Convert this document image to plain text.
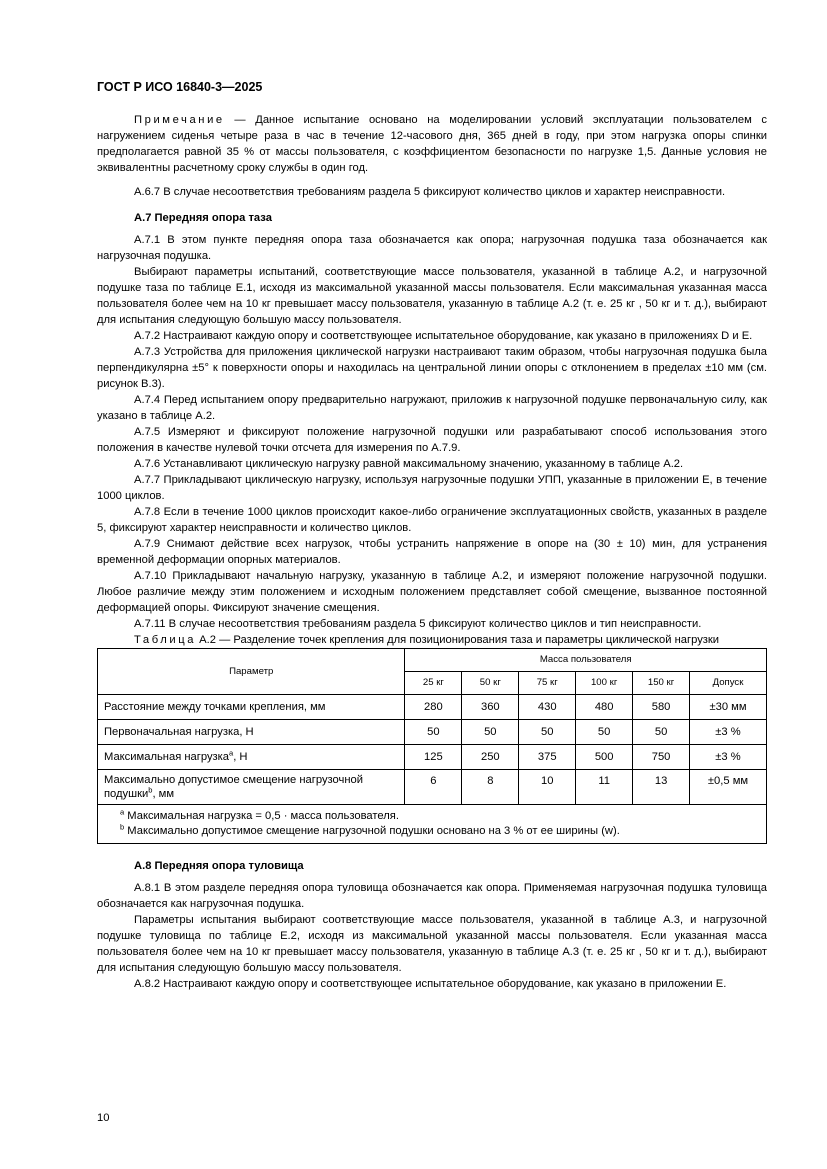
ГОСТ Р ИСО 16840-3—2025

Примечание — Данное испытание основано на моделировании условий эксплуатации пользователем с нагружением сиденья четыре раза в час в течение 12-часового дня, 365 дней в году, при этом нагрузка опоры спинки предполагается равной 35 % от массы пользователя, с коэффициентом безопасности по нагрузке 1,5. Данные условия не эквивалентны расчетному сроку службы в один год.

А.6.7 В случае несоответствия требованиям раздела 5 фиксируют количество циклов и характер неисправности.

А.7 Передняя опора таза

А.7.1 В этом пункте передняя опора таза обозначается как опора; нагрузочная подушка таза обозначается как нагрузочная подушка.

Выбирают параметры испытаний, соответствующие массе пользователя, указанной в таблице А.2, и нагрузочной подушке таза по таблице Е.1, исходя из максимальной указанной массы пользователя. Если максимальная указанная масса пользователя более чем на 10 кг превышает массу пользователя, указанную в таблице А.2 (т. е. 25 кг , 50 кг и т. д.), выбирают для испытания следующую большую массу пользователя.

А.7.2 Настраивают каждую опору и соответствующее испытательное оборудование, как указано в приложениях D и E.

А.7.3 Устройства для приложения циклической нагрузки настраивают таким образом, чтобы нагрузочная подушка была перпендикулярна ±5° к поверхности опоры и находилась на центральной линии опоры с отклонением в пределах ±10 мм (см. рисунок В.3).

А.7.4 Перед испытанием опору предварительно нагружают, приложив к нагрузочной подушке первоначальную силу, как указано в таблице А.2.

А.7.5 Измеряют и фиксируют положение нагрузочной подушки или разрабатывают способ использования этого положения в качестве нулевой точки отсчета для измерения по А.7.9.

А.7.6 Устанавливают циклическую нагрузку равной максимальному значению, указанному в таблице А.2.

А.7.7 Прикладывают циклическую нагрузку, используя нагрузочные подушки УПП, указанные в приложении Е, в течение 1000 циклов.

А.7.8 Если в течение 1000 циклов происходит какое-либо ограничение эксплуатационных свойств, указанных в разделе 5, фиксируют характер неисправности и количество циклов.

А.7.9 Снимают действие всех нагрузок, чтобы устранить напряжение в опоре на (30 ± 10) мин, для устранения временной деформации опорных материалов.

А.7.10 Прикладывают начальную нагрузку, указанную в таблице А.2, и измеряют положение нагрузочной подушки. Любое различие между этим положением и исходным положением представляет собой смещение, вызванное постоянной деформацией опоры. Фиксируют значение смещения.

А.7.11 В случае несоответствия требованиям раздела 5 фиксируют количество циклов и тип неисправности.

Таблица А.2 — Разделение точек крепления для позиционирования таза и параметры циклической нагрузки

Параметр	Масса пользователя					
	25 кг	50 кг	75 кг	100 кг	150 кг	Допуск
Расстояние между точками крепления, мм	280	360	430	480	580	±30 мм
Первоначальная нагрузка, Н	50	50	50	50	50	±3 %
Максимальная нагрузка$^a$, Н	125	250	375	500	750	±3 %
Максимально допустимое смещение нагрузочной подушки$^b$, мм	6	8	10	11	13	±0,5 мм

$^a$ Максимальная нагрузка = 0,5 · масса пользователя.
$^b$ Максимально допустимое смещение нагрузочной подушки основано на 3 % от ее ширины (w).						
А.8 Передняя опора туловища

А.8.1 В этом разделе передняя опора туловища обозначается как опора. Применяемая нагрузочная подушка туловища обозначается как нагрузочная подушка.

Параметры испытания выбирают соответствующие массе пользователя, указанной в таблице А.3, и нагрузочной подушке туловища по таблице Е.2, исходя из максимальной указанной массы пользователя. Если указанная масса пользователя более чем на 10 кг превышает массу пользователя, указанную в таблице А.3 (т. е. 25 кг , 50 кг и т. д.), выбирают для испытания следующую большую массу пользователя.

А.8.2 Настраивают каждую опору и соответствующее испытательное оборудование, как указано в приложении Е.

10
